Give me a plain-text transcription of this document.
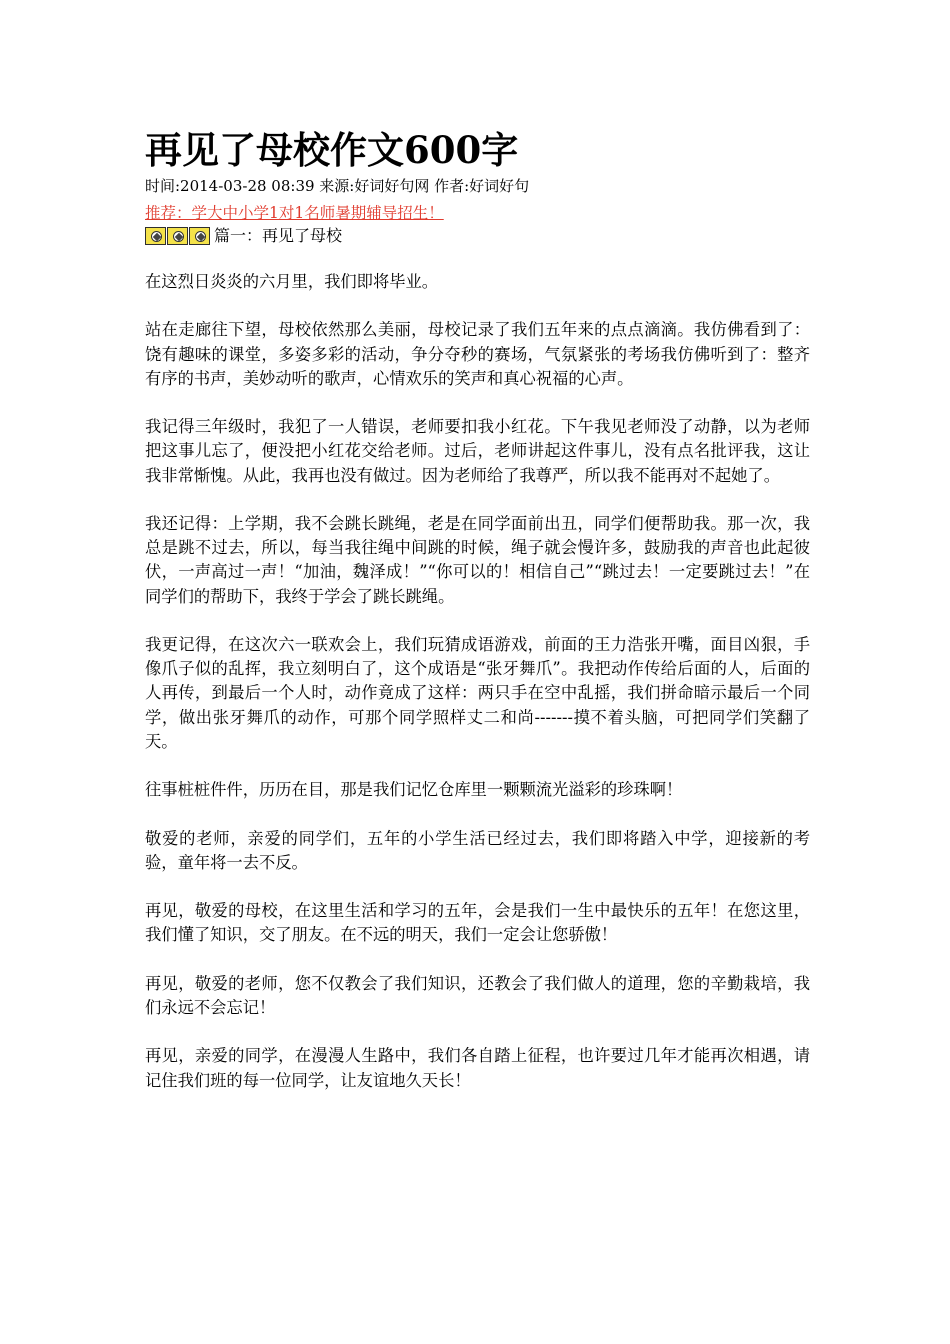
再见了母校作文600字
时间:2014-03-28 08:39 来源:好词好句网 作者:好词好句
推荐：学大中小学1对1名师暑期辅导招生！
篇一：再见了母校

在这烈日炎炎的六月里，我们即将毕业。

站在走廊往下望，母校依然那么美丽，母校记录了我们五年来的点点滴滴。我仿佛看到了：饶有趣味的课堂，多姿多彩的活动，争分夺秒的赛场，气氛紧张的考场我仿佛听到了：整齐有序的书声，美妙动听的歌声，心情欢乐的笑声和真心祝福的心声。

我记得三年级时，我犯了一人错误，老师要扣我小红花。下午我见老师没了动静，以为老师把这事儿忘了，便没把小红花交给老师。过后，老师讲起这件事儿，没有点名批评我，这让我非常惭愧。从此，我再也没有做过。因为老师给了我尊严，所以我不能再对不起她了。

我还记得：上学期，我不会跳长跳绳，老是在同学面前出丑，同学们便帮助我。那一次，我总是跳不过去，所以，每当我往绳中间跳的时候，绳子就会慢许多，鼓励我的声音也此起彼伏，一声高过一声！“加油，魏泽成！”“你可以的！相信自己”“跳过去！一定要跳过去！”在同学们的帮助下，我终于学会了跳长跳绳。

我更记得，在这次六一联欢会上，我们玩猜成语游戏，前面的王力浩张开嘴，面目凶狠，手像爪子似的乱挥，我立刻明白了，这个成语是“张牙舞爪”。我把动作传给后面的人，后面的人再传，到最后一个人时，动作竟成了这样：两只手在空中乱摇，我们拼命暗示最后一个同学，做出张牙舞爪的动作，可那个同学照样丈二和尚-------摸不着头脑，可把同学们笑翻了天。

往事桩桩件件，历历在目，那是我们记忆仓库里一颗颗流光溢彩的珍珠啊！

敬爱的老师，亲爱的同学们，五年的小学生活已经过去，我们即将踏入中学，迎接新的考验，童年将一去不反。

再见，敬爱的母校，在这里生活和学习的五年，会是我们一生中最快乐的五年！在您这里，我们懂了知识，交了朋友。在不远的明天，我们一定会让您骄傲！

再见，敬爱的老师，您不仅教会了我们知识，还教会了我们做人的道理，您的辛勤栽培，我们永远不会忘记！

再见，亲爱的同学，在漫漫人生路中，我们各自踏上征程，也许要过几年才能再次相遇，请记住我们班的每一位同学，让友谊地久天长！
